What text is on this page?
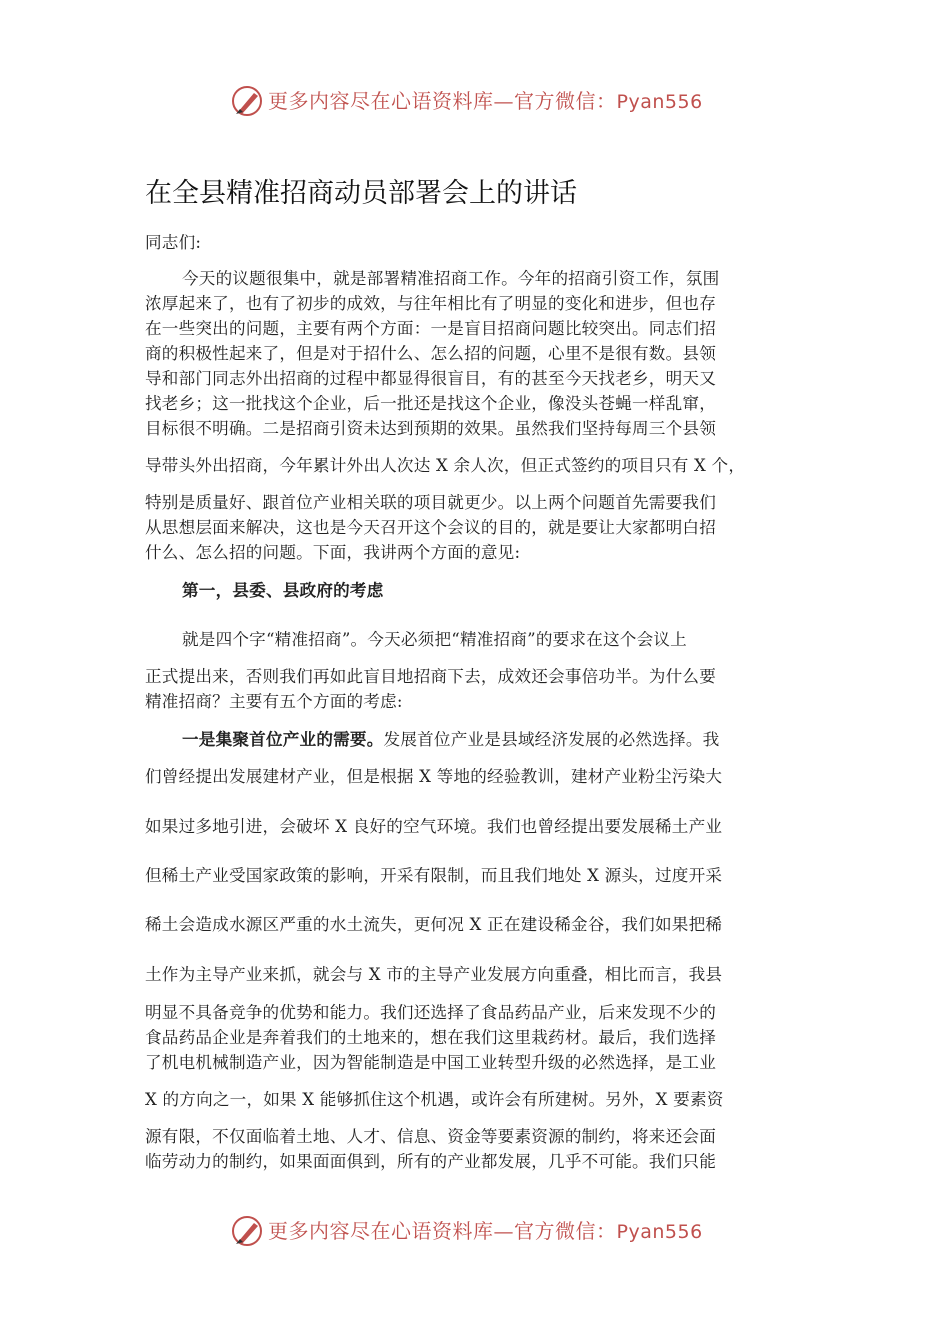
更多内容尽在心语资料库—官方微信：Pyan556
在全县精准招商动员部署会上的讲话
同志们:
今天的议题很集中，就是部署精准招商工作。今年的招商引资工作，氛围
浓厚起来了，也有了初步的成效，与往年相比有了明显的变化和进步，但也存
在一些突出的问题，主要有两个方面：一是盲目招商问题比较突出。同志们招
商的积极性起来了，但是对于招什么、怎么招的问题，心里不是很有数。县领
导和部门同志外出招商的过程中都显得很盲目，有的甚至今天找老乡，明天又
找老乡；这一批找这个企业，后一批还是找这个企业，像没头苍蝇一样乱窜，
目标很不明确。二是招商引资未达到预期的效果。虽然我们坚持每周三个县领
导带头外出招商，今年累计外出人次达 X 余人次，但正式签约的项目只有 X 个，
特别是质量好、跟首位产业相关联的项目就更少。以上两个问题首先需要我们
从思想层面来解决，这也是今天召开这个会议的目的，就是要让大家都明白招
什么、怎么招的问题。下面，我讲两个方面的意见:
第一，县委、县政府的考虑
就是四个字“精准招商”。今天必须把“精准招商”的要求在这个会议上
正式提出来，否则我们再如此盲目地招商下去，成效还会事倍功半。为什么要
精准招商？主要有五个方面的考虑:
一是集聚首位产业的需要。发展首位产业是县域经济发展的必然选择。我
们曾经提出发展建材产业，但是根据 X 等地的经验教训，建材产业粉尘污染大
如果过多地引进，会破坏 X 良好的空气环境。我们也曾经提出要发展稀土产业
但稀土产业受国家政策的影响，开采有限制，而且我们地处 X 源头，过度开采
稀土会造成水源区严重的水土流失，更何况 X 正在建设稀金谷，我们如果把稀
土作为主导产业来抓，就会与 X 市的主导产业发展方向重叠，相比而言，我县
明显不具备竞争的优势和能力。我们还选择了食品药品产业，后来发现不少的
食品药品企业是奔着我们的土地来的，想在我们这里栽药材。最后，我们选择
了机电机械制造产业，因为智能制造是中国工业转型升级的必然选择，是工业
X 的方向之一，如果 X 能够抓住这个机遇，或许会有所建树。另外，X 要素资
源有限，不仅面临着土地、人才、信息、资金等要素资源的制约，将来还会面
临劳动力的制约，如果面面俱到，所有的产业都发展，几乎不可能。我们只能
更多内容尽在心语资料库—官方微信：Pyan556
